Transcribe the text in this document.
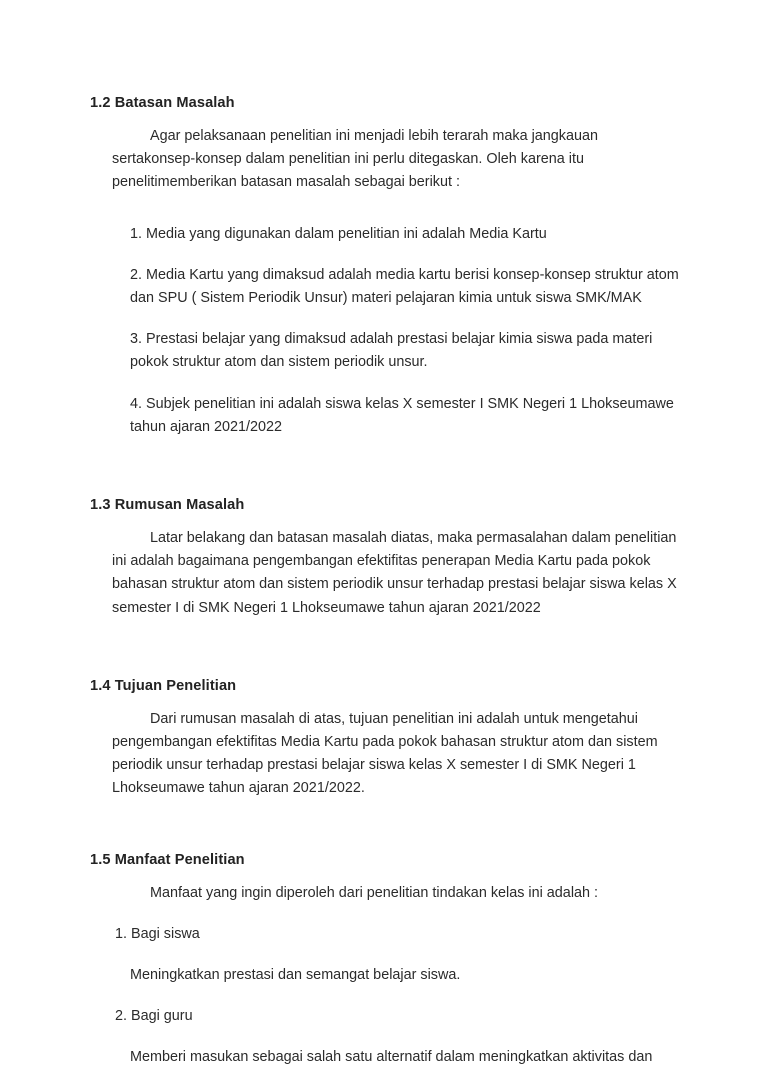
1.2 Batasan Masalah

Agar pelaksanaan penelitian ini menjadi lebih terarah maka jangkauan sertakonsep-konsep dalam penelitian ini perlu ditegaskan. Oleh karena itu penelitimemberikan batasan masalah sebagai berikut :

1. Media yang digunakan dalam penelitian ini adalah Media Kartu
2. Media Kartu yang dimaksud adalah media kartu berisi konsep-konsep struktur atom dan SPU ( Sistem Periodik Unsur) materi pelajaran kimia untuk siswa SMK/MAK
3. Prestasi belajar yang dimaksud adalah prestasi belajar kimia siswa pada materi pokok struktur atom dan sistem periodik unsur.
4. Subjek penelitian ini adalah siswa kelas X semester I SMK Negeri 1 Lhokseumawe tahun ajaran 2021/2022
1.3 Rumusan Masalah

Latar belakang dan batasan masalah diatas, maka permasalahan dalam penelitian ini adalah bagaimana pengembangan efektifitas penerapan Media Kartu pada pokok bahasan struktur atom dan sistem periodik unsur terhadap prestasi belajar siswa kelas X semester I di SMK Negeri 1 Lhokseumawe tahun ajaran 2021/2022

1.4 Tujuan Penelitian

Dari rumusan masalah di atas, tujuan penelitian ini adalah untuk mengetahui pengembangan efektifitas Media Kartu pada pokok bahasan struktur atom dan sistem periodik unsur terhadap prestasi belajar siswa kelas X semester I di SMK Negeri 1 Lhokseumawe tahun ajaran 2021/2022.

1.5 Manfaat Penelitian

Manfaat yang ingin diperoleh dari penelitian tindakan kelas ini adalah :

1. Bagi siswa
Meningkatkan prestasi dan semangat belajar siswa.
2. Bagi guru
Memberi masukan sebagai salah satu alternatif dalam meningkatkan aktivitas dan
